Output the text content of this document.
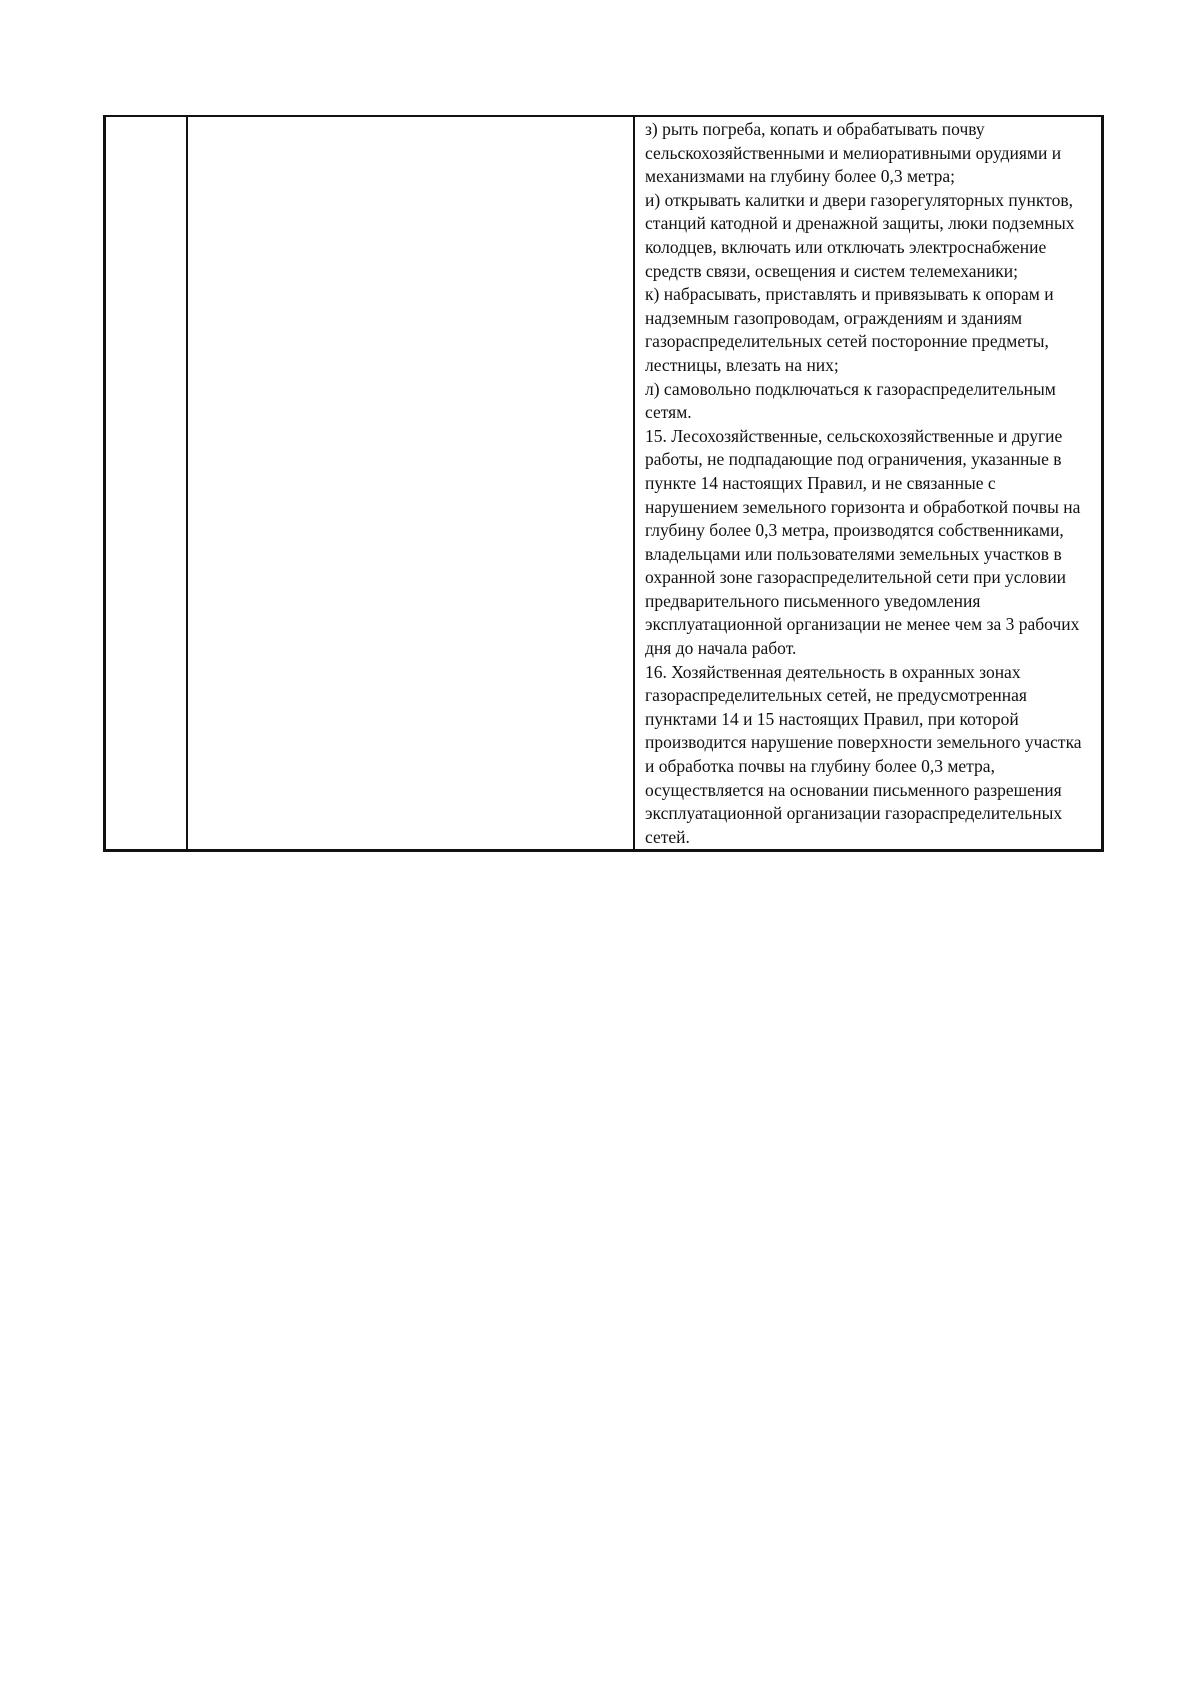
з) рыть погреба, копать и обрабатывать почву сельскохозяйственными и мелиоративными орудиями и механизмами на глубину более 0,3 метра;

и) открывать калитки и двери газорегуляторных пунктов, станций катодной и дренажной защиты, люки подземных колодцев, включать или отключать электроснабжение средств связи, освещения и систем телемеханики;

к) набрасывать, приставлять и привязывать к опорам и надземным газопроводам, ограждениям и зданиям газораспределительных сетей посторонние предметы, лестницы, влезать на них;

л) самовольно подключаться к газораспределительным сетям.

15. Лесохозяйственные, сельскохозяйственные и другие работы, не подпадающие под ограничения, указанные в пункте 14 настоящих Правил, и не связанные с нарушением земельного горизонта и обработкой почвы на глубину более 0,3 метра, производятся собственниками, владельцами или пользователями земельных участков в охранной зоне газораспределительной сети при условии предварительного письменного уведомления эксплуатационной организации не менее чем за 3 рабочих дня до начала работ.

16. Хозяйственная деятельность в охранных зонах газораспределительных сетей, не предусмотренная пунктами 14 и 15 настоящих Правил, при которой производится нарушение поверхности земельного участка и обработка почвы на глубину более 0,3 метра, осуществляется на основании письменного разрешения эксплуатационной организации газораспределительных сетей.
